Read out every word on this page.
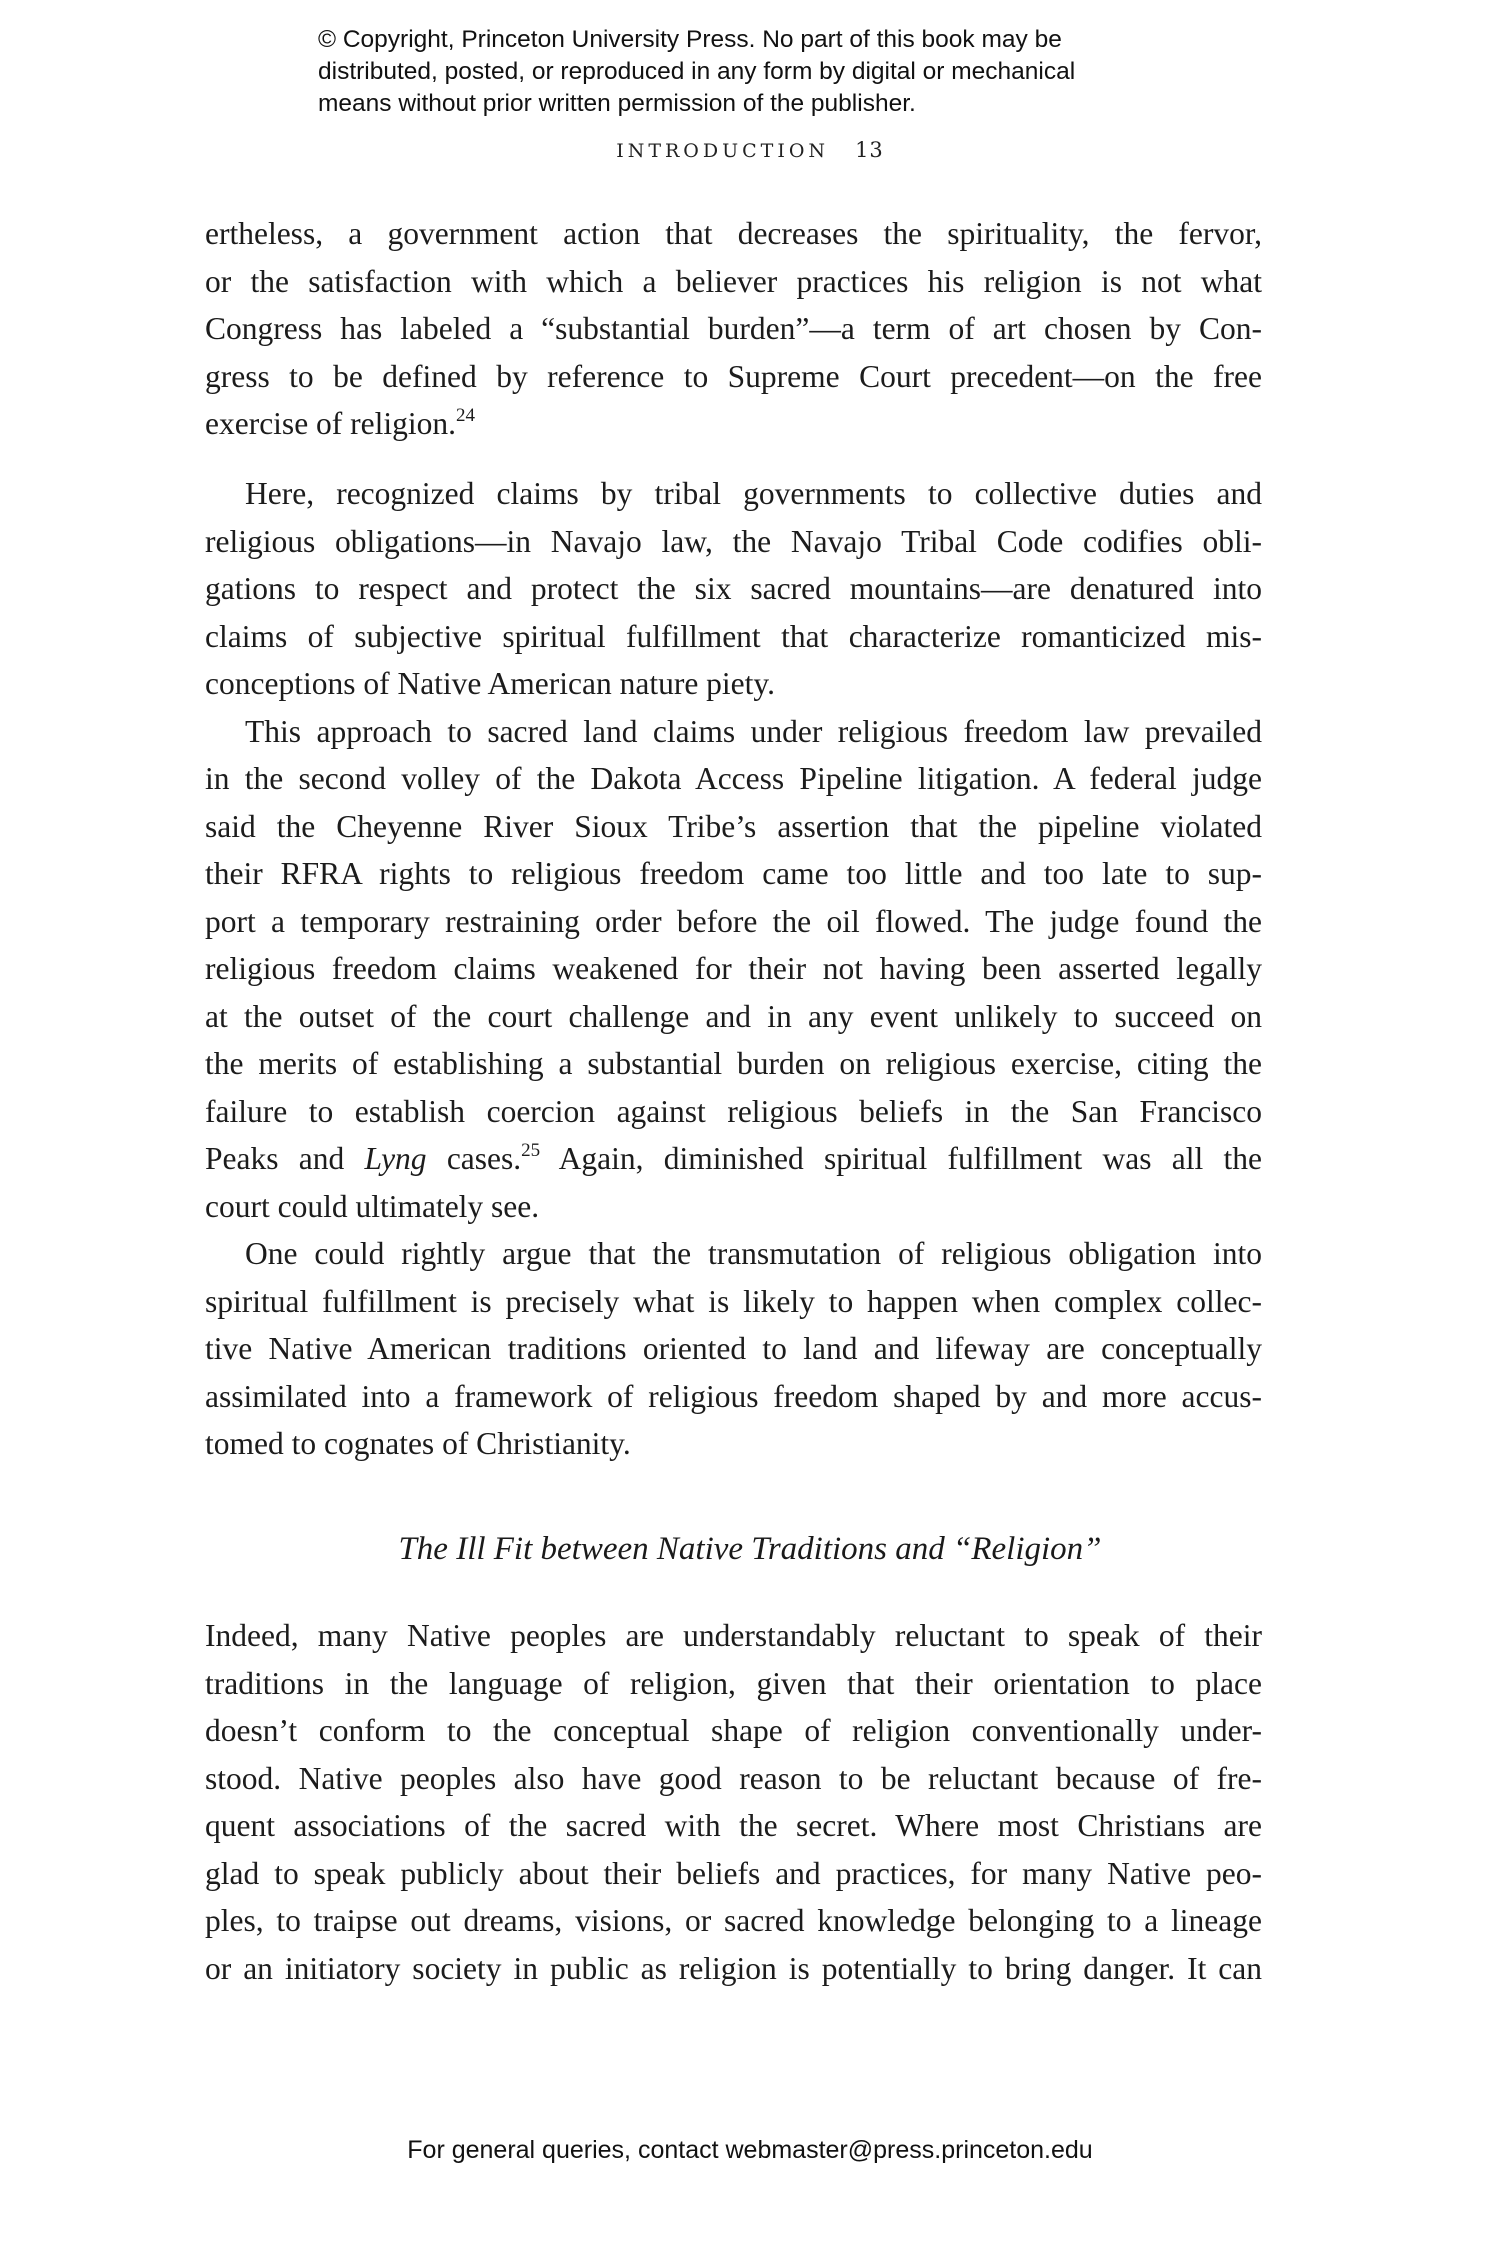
© Copyright, Princeton University Press. No part of this book may be
distributed, posted, or reproduced in any form by digital or mechanical
means without prior written permission of the publisher.
INTRODUCTION 13
ertheless, a government action that decreases the spirituality, the fervor,
or the satisfaction with which a believer practices his religion is not what
Congress has labeled a “substantial burden”—a term of art chosen by Con-
gress to be defined by reference to Supreme Court precedent—on the free
exercise of religion.$^{24}$
Here, recognized claims by tribal governments to collective duties and
religious obligations—in Navajo law, the Navajo Tribal Code codifies obli-
gations to respect and protect the six sacred mountains—are denatured into
claims of subjective spiritual fulfillment that characterize romanticized mis-
conceptions of Native American nature piety.
This approach to sacred land claims under religious freedom law prevailed
in the second volley of the Dakota Access Pipeline litigation. A federal judge
said the Cheyenne River Sioux Tribe’s assertion that the pipeline violated
their RFRA rights to religious freedom came too little and too late to sup-
port a temporary restraining order before the oil flowed. The judge found the
religious freedom claims weakened for their not having been asserted legally
at the outset of the court challenge and in any event unlikely to succeed on
the merits of establishing a substantial burden on religious exercise, citing the
failure to establish coercion against religious beliefs in the San Francisco
Peaks and Lyng cases.$^{25}$ Again, diminished spiritual fulfillment was all the
court could ultimately see.
One could rightly argue that the transmutation of religious obligation into
spiritual fulfillment is precisely what is likely to happen when complex collec-
tive Native American traditions oriented to land and lifeway are conceptually
assimilated into a framework of religious freedom shaped by and more accus-
tomed to cognates of Christianity.
The Ill Fit between Native Traditions and “Religion”
Indeed, many Native peoples are understandably reluctant to speak of their
traditions in the language of religion, given that their orientation to place
doesn’t conform to the conceptual shape of religion conventionally under-
stood. Native peoples also have good reason to be reluctant because of fre-
quent associations of the sacred with the secret. Where most Christians are
glad to speak publicly about their beliefs and practices, for many Native peo-
ples, to traipse out dreams, visions, or sacred knowledge belonging to a lineage
or an initiatory society in public as religion is potentially to bring danger. It can
For general queries, contact webmaster@press.princeton.edu
